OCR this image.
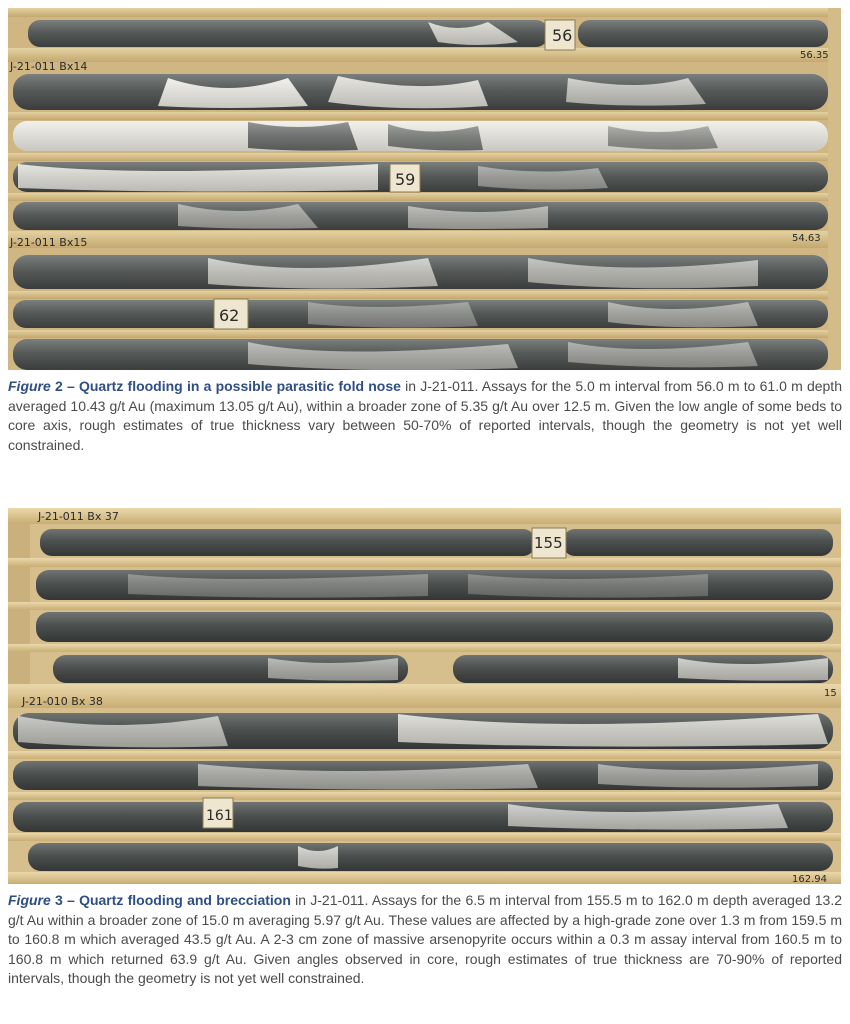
56
59
62
J-21-011 Bx14
J-21-011 Bx15
56.35
54.63
Figure 2 – Quartz flooding in a possible parasitic fold nose in J-21-011. Assays for the 5.0 m interval from 56.0 m to 61.0 m depth averaged 10.43 g/t Au (maximum 13.05 g/t Au), within a broader zone of 5.35 g/t Au over 12.5 m. Given the low angle of some beds to core axis, rough estimates of true thickness vary between 50-70% of reported intervals, though the geometry is not yet well constrained.
155
161
J-21-011 Bx 37
J-21-010 Bx 38
15
162.94
Figure 3 – Quartz flooding and brecciation in J-21-011. Assays for the 6.5 m interval from 155.5 m to 162.0 m depth averaged 13.2 g/t Au within a broader zone of 15.0 m averaging 5.97 g/t Au. These values are affected by a high-grade zone over 1.3 m from 159.5 m to 160.8 m which averaged 43.5 g/t Au. A 2-3 cm zone of massive arsenopyrite occurs within a 0.3 m assay interval from 160.5 m to 160.8 m which returned 63.9 g/t Au. Given angles observed in core, rough estimates of true thickness are 70-90% of reported intervals, though the geometry is not yet well constrained.
